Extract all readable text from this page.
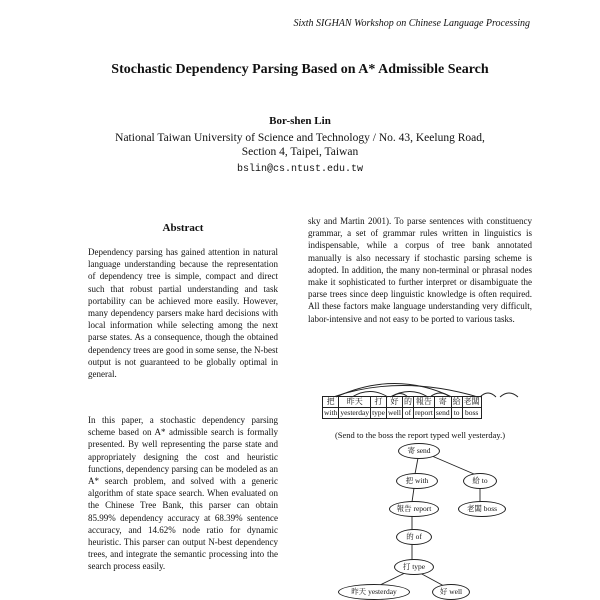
Sixth SIGHAN Workshop on Chinese Language Processing
Stochastic Dependency Parsing Based on A* Admissible Search
Bor-shen Lin
National Taiwan University of Science and Technology / No. 43, Keelung Road, Section 4, Taipei, Taiwan
bslin@cs.ntust.edu.tw
Abstract
Dependency parsing has gained attention in natural language understanding because the representation of dependency tree is simple, compact and direct such that robust partial understanding and task portability can be achieved more easily. However, many dependency parsers make hard decisions with local information while selecting among the next parse states. As a consequence, though the obtained dependency trees are good in some sense, the N-best output is not guaranteed to be globally optimal in general.
In this paper, a stochastic dependency parsing scheme based on A* admissible search is formally presented. By well representing the parse state and appropriately designing the cost and heuristic functions, dependency parsing can be modeled as an A* search problem, and solved with a generic algorithm of state space search. When evaluated on the Chinese Tree Bank, this parser can obtain 85.99% dependency accuracy at 68.39% sentence accuracy, and 14.62% node ratio for dynamic heuristic. This parser can output N-best dependency trees, and integrate the semantic processing into the search process easily.
sky and Martin 2001). To parse sentences with constituency grammar, a set of grammar rules written in linguistics is indispensable, while a corpus of tree bank annotated manually is also necessary if stochastic parsing scheme is adopted. In addition, the many non-terminal or phrasal nodes make it sophisticated to further interpret or disambiguate the parse trees since deep linguistic knowledge is often required. All these factors make language understanding very difficult, labor-intensive and not easy to be ported to various tasks.
把	昨天	打	好	的	報告	寄	給	老闆
with	yesterday	type	well	of	report	send	to	boss
(Send to the boss the report typed well yesterday.)
寄 send
把 with	給 to
報告 report	老闆 boss
的 of
打 type
昨天 yesterday	好 well
